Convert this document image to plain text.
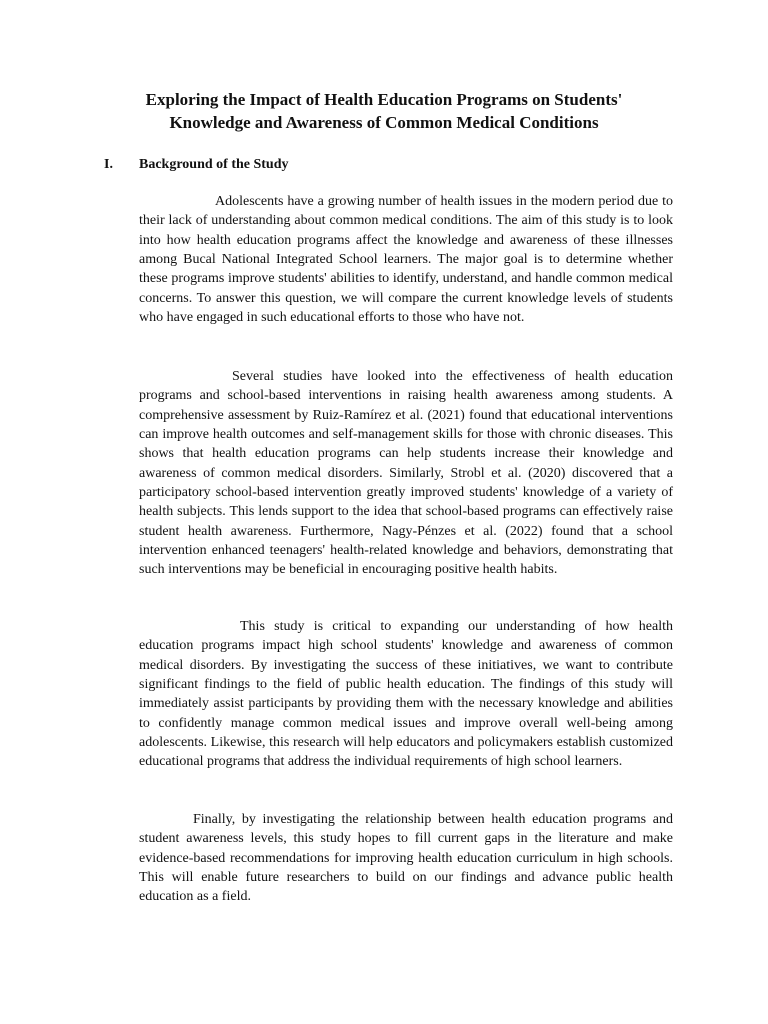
Exploring the Impact of Health Education Programs on Students'
Knowledge and Awareness of Common Medical Conditions
I. Background of the Study

Adolescents have a growing number of health issues in the modern period due to their lack of understanding about common medical conditions. The aim of this study is to look into how health education programs affect the knowledge and awareness of these illnesses among Bucal National Integrated School learners. The major goal is to determine whether these programs improve students' abilities to identify, understand, and handle common medical concerns. To answer this question, we will compare the current knowledge levels of students who have engaged in such educational efforts to those who have not.

Several studies have looked into the effectiveness of health education programs and school-based interventions in raising health awareness among students. A comprehensive assessment by Ruiz-Ramírez et al. (2021) found that educational interventions can improve health outcomes and self-management skills for those with chronic diseases. This shows that health education programs can help students increase their knowledge and awareness of common medical disorders. Similarly, Strobl et al. (2020) discovered that a participatory school-based intervention greatly improved students' knowledge of a variety of health subjects. This lends support to the idea that school-based programs can effectively raise student health awareness. Furthermore, Nagy-Pénzes et al. (2022) found that a school intervention enhanced teenagers' health-related knowledge and behaviors, demonstrating that such interventions may be beneficial in encouraging positive health habits.

This study is critical to expanding our understanding of how health education programs impact high school students' knowledge and awareness of common medical disorders. By investigating the success of these initiatives, we want to contribute significant findings to the field of public health education. The findings of this study will immediately assist participants by providing them with the necessary knowledge and abilities to confidently manage common medical issues and improve overall well-being among adolescents. Likewise, this research will help educators and policymakers establish customized educational programs that address the individual requirements of high school learners.

Finally, by investigating the relationship between health education programs and student awareness levels, this study hopes to fill current gaps in the literature and make evidence-based recommendations for improving health education curriculum in high schools. This will enable future researchers to build on our findings and advance public health education as a field.
